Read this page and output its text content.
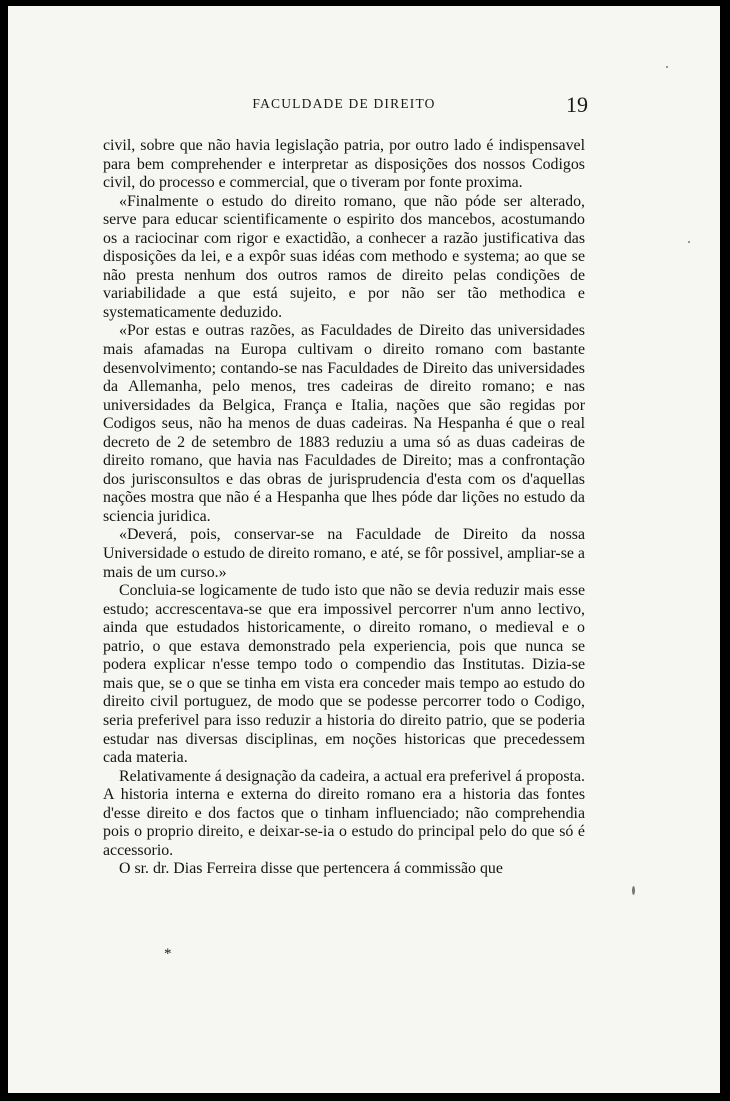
FACULDADE DE DIREITO	19

civil, sobre que não havia legislação patria, por outro lado é indispensavel para bem comprehender e interpretar as disposições dos nossos Codigos civil, do processo e commercial, que o tiveram por fonte proxima.

«Finalmente o estudo do direito romano, que não póde ser alterado, serve para educar scientificamente o espirito dos mancebos, acostumando os a raciocinar com rigor e exactidão, a conhecer a razão justificativa das disposições da lei, e a expôr suas idéas com methodo e systema; ao que se não presta nenhum dos outros ramos de direito pelas condições de variabilidade a que está sujeito, e por não ser tão methodica e systematicamente deduzido.

«Por estas e outras razões, as Faculdades de Direito das universidades mais afamadas na Europa cultivam o direito romano com bastante desenvolvimento; contando-se nas Faculdades de Direito das universidades da Allemanha, pelo menos, tres cadeiras de direito romano; e nas universidades da Belgica, França e Italia, nações que são regidas por Codigos seus, não ha menos de duas cadeiras. Na Hespanha é que o real decreto de 2 de setembro de 1883 reduziu a uma só as duas cadeiras de direito romano, que havia nas Faculdades de Direito; mas a confrontação dos jurisconsultos e das obras de jurisprudencia d'esta com os d'aquellas nações mostra que não é a Hespanha que lhes póde dar lições no estudo da sciencia juridica.

«Deverá, pois, conservar-se na Faculdade de Direito da nossa Universidade o estudo de direito romano, e até, se fôr possivel, ampliar-se a mais de um curso.»

Concluia-se logicamente de tudo isto que não se devia reduzir mais esse estudo; accrescentava-se que era impossivel percorrer n'um anno lectivo, ainda que estudados historicamente, o direito romano, o medieval e o patrio, o que estava demonstrado pela experiencia, pois que nunca se podera explicar n'esse tempo todo o compendio das Institutas. Dizia-se mais que, se o que se tinha em vista era conceder mais tempo ao estudo do direito civil portuguez, de modo que se podesse percorrer todo o Codigo, seria preferivel para isso reduzir a historia do direito patrio, que se poderia estudar nas diversas disciplinas, em noções historicas que precedessem cada materia.

Relativamente á designação da cadeira, a actual era preferivel á proposta. A historia interna e externa do direito romano era a historia das fontes d'esse direito e dos factos que o tinham influenciado; não comprehendia pois o proprio direito, e deixar-se-ia o estudo do principal pelo do que só é accessorio.

O sr. dr. Dias Ferreira disse que pertencera á commissão que

*
